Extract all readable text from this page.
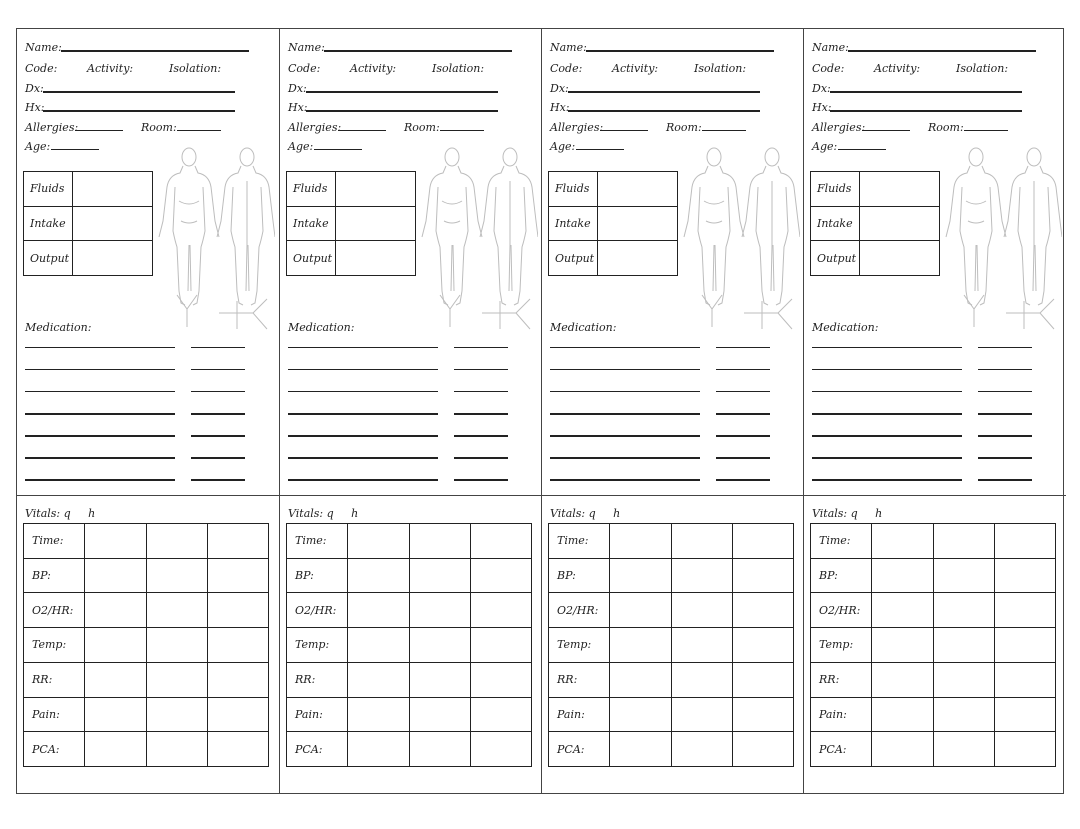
Name:
Code:	Activity:	Isolation:
Dx:
Hx:
Allergies:	Room:
Age:
Fluids	
Intake	
Output	
Medication:
Vitals: q h
Time:			
BP:			
O2/HR:			
Temp:			
RR:			
Pain:			
PCA:			
Name:
Code:	Activity:	Isolation:
Dx:
Hx:
Allergies:	Room:
Age:
Fluids	
Intake	
Output	
Medication:
Vitals: q h
Time:			
BP:			
O2/HR:			
Temp:			
RR:			
Pain:			
PCA:			
Name:
Code:	Activity:	Isolation:
Dx:
Hx:
Allergies:	Room:
Age:
Fluids	
Intake	
Output	
Medication:
Vitals: q h
Time:			
BP:			
O2/HR:			
Temp:			
RR:			
Pain:			
PCA:			
Name:
Code:	Activity:	Isolation:
Dx:
Hx:
Allergies:	Room:
Age:
Fluids	
Intake	
Output	
Medication:
Vitals: q h
Time:			
BP:			
O2/HR:			
Temp:			
RR:			
Pain:			
PCA:			
